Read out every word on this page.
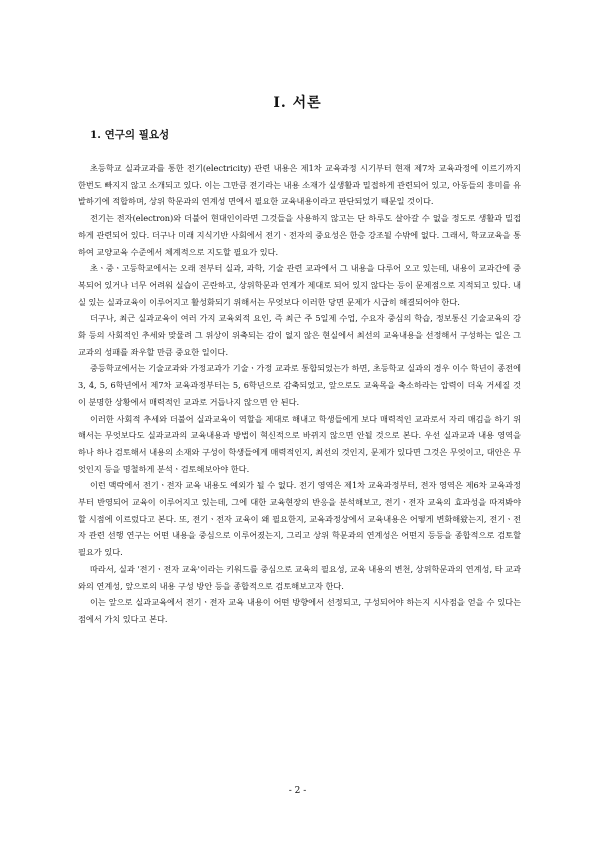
Ⅰ. 서론
1. 연구의 필요성

초등학교 실과교과를 통한 전기(electricity) 관련 내용은 제1차 교육과정 시기부터 현재 제7차 교육과정에 이르기까지 한번도 빠지지 않고 소개되고 있다. 이는 그만큼 전기라는 내용 소재가 실생활과 밀접하게 관련되어 있고, 아동들의 흥미를 유발하기에 적합하며, 상위 학문과의 연계성 면에서 필요한 교육내용이라고 판단되었기 때문일 것이다.

전기는 전자(electron)와 더불어 현대인이라면 그것들을 사용하지 않고는 단 하루도 살아갈 수 없을 정도로 생활과 밀접하게 관련되어 있다. 더구나 미래 지식기반 사회에서 전기ㆍ전자의 중요성은 한층 강조될 수밖에 없다. 그래서, 학교교육을 통하여 교양교육 수준에서 체계적으로 지도할 필요가 있다.

초ㆍ중ㆍ고등학교에서는 오래 전부터 실과, 과학, 기술 관련 교과에서 그 내용을 다루어 오고 있는데, 내용이 교과간에 중복되어 있거나 너무 어려워 실습이 곤란하고, 상위학문과 연계가 제대로 되어 있지 않다는 등이 문제점으로 지적되고 있다. 내실 있는 실과교육이 이루어지고 활성화되기 위해서는 무엇보다 이러한 당면 문제가 시급히 해결되어야 한다.

더구나, 최근 실과교육이 여러 가지 교육외적 요인, 즉 최근 주 5일제 수업, 수요자 중심의 학습, 정보통신 기술교육의 강화 등의 사회적인 추세와 맞물려 그 위상이 위축되는 감이 없지 않은 현실에서 최선의 교육내용을 선정해서 구성하는 일은 그 교과의 성패를 좌우할 만큼 중요한 일이다.

중등학교에서는 기술교과와 가정교과가 기술ㆍ가정 교과로 통합되었는가 하면, 초등학교 실과의 경우 이수 학년이 종전에 3, 4, 5, 6학년에서 제7차 교육과정부터는 5, 6학년으로 감축되었고, 앞으로도 교육목을 축소하라는 압력이 더욱 거세질 것이 분명한 상황에서 매력적인 교과로 거듭나지 않으면 안 된다.

이러한 사회적 추세와 더불어 실과교육이 역할을 제대로 해내고 학생들에게 보다 매력적인 교과로서 자리 매김을 하기 위해서는 무엇보다도 실과교과의 교육내용과 방법이 혁신적으로 바뀌지 않으면 안될 것으로 본다. 우선 실과교과 내용 영역을 하나 하나 검토해서 내용의 소재와 구성이 학생들에게 매력적인지, 최선의 것인지, 문제가 있다면 그것은 무엇이고, 대안은 무엇인지 등을 명철하게 분석ㆍ검토해보아야 한다.

이런 맥락에서 전기ㆍ전자 교육 내용도 예외가 될 수 없다. 전기 영역은 제1차 교육과정부터, 전자 영역은 제6차 교육과정부터 반영되어 교육이 이루어지고 있는데, 그에 대한 교육현장의 반응을 분석해보고, 전기ㆍ전자 교육의 효과성을 따져봐야 할 시점에 이르렀다고 본다. 또, 전기ㆍ전자 교육이 왜 필요한지, 교육과정상에서 교육내용은 어떻게 변화해왔는지, 전기ㆍ전자 관련 선행 연구는 어떤 내용을 중심으로 이루어졌는지, 그리고 상위 학문과의 연계성은 어떤지 등등을 종합적으로 검토할 필요가 있다.

따라서, 실과 '전기ㆍ전자 교육'이라는 키워드를 중심으로 교육의 필요성, 교육 내용의 변천, 상위학문과의 연계성, 타 교과와의 연계성, 앞으로의 내용 구성 방안 등을 종합적으로 검토해보고자 한다.

이는 앞으로 실과교육에서 전기ㆍ전자 교육 내용이 어떤 방향에서 선정되고, 구성되어야 하는지 시사점을 얻을 수 있다는 점에서 가치 있다고 본다.

- 2 -
